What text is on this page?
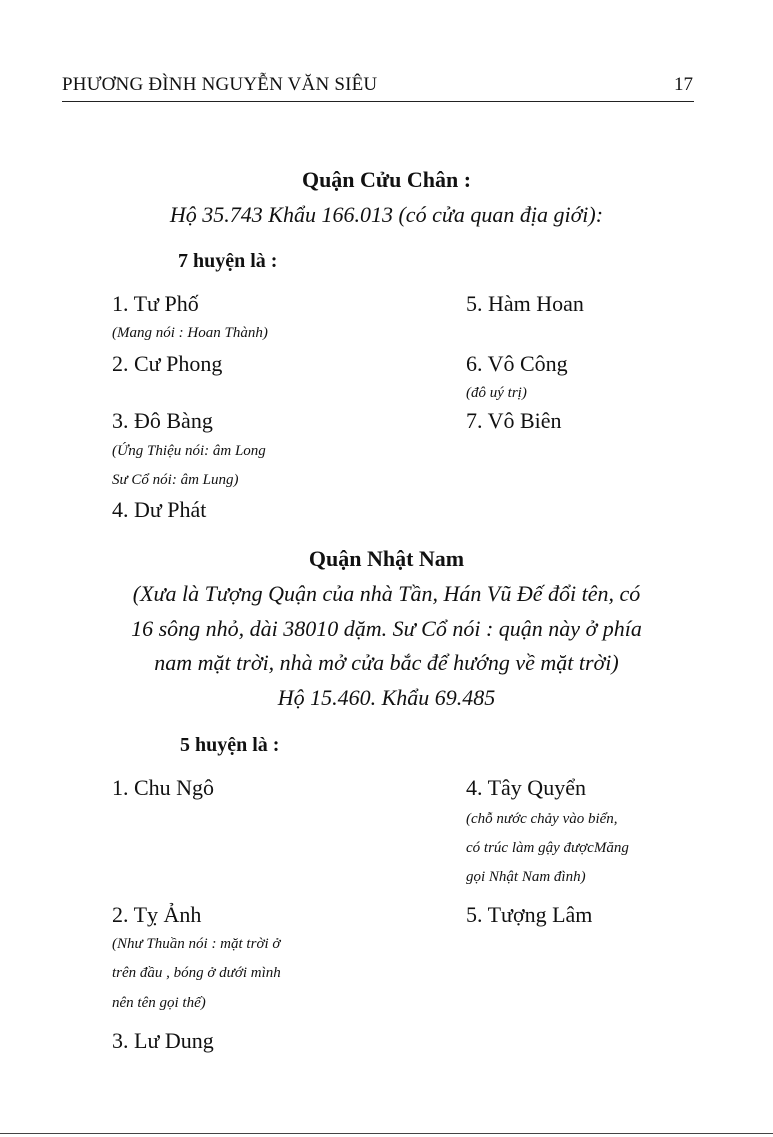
PHƯƠNG ĐÌNH NGUYỄN VĂN SIÊU	17
Quận Cửu Chân :
Hộ 35.743 Khẩu 166.013 (có cửa quan địa giới):
7 huyện là :
1. Tư Phố
(Mang nói : Hoan Thành)
2. Cư Phong
3. Đô Bàng
(Ứng Thiệu nói: âm Long
Sư Cổ nói: âm Lung)
4. Dư Phát
5. Hàm Hoan
6. Vô Công
(đô uý trị)
7. Vô Biên
Quận Nhật Nam
(Xưa là Tượng Quận của nhà Tần, Hán Vũ Đế đổi tên, có
16 sông nhỏ, dài 38010 dặm. Sư Cổ nói : quận này ở phía
nam mặt trời, nhà mở cửa bắc để hướng về mặt trời)
Hộ 15.460. Khẩu 69.485
5 huyện là :
1. Chu Ngô
2. Tỵ Ảnh
(Như Thuần nói : mặt trời ở
trên đầu , bóng ở dưới mình
nên tên gọi thế)
3. Lư Dung
4. Tây Quyển
(chỗ nước chảy vào biển,
có trúc làm gậy đượcMăng
gọi Nhật Nam đình)
5. Tượng Lâm
